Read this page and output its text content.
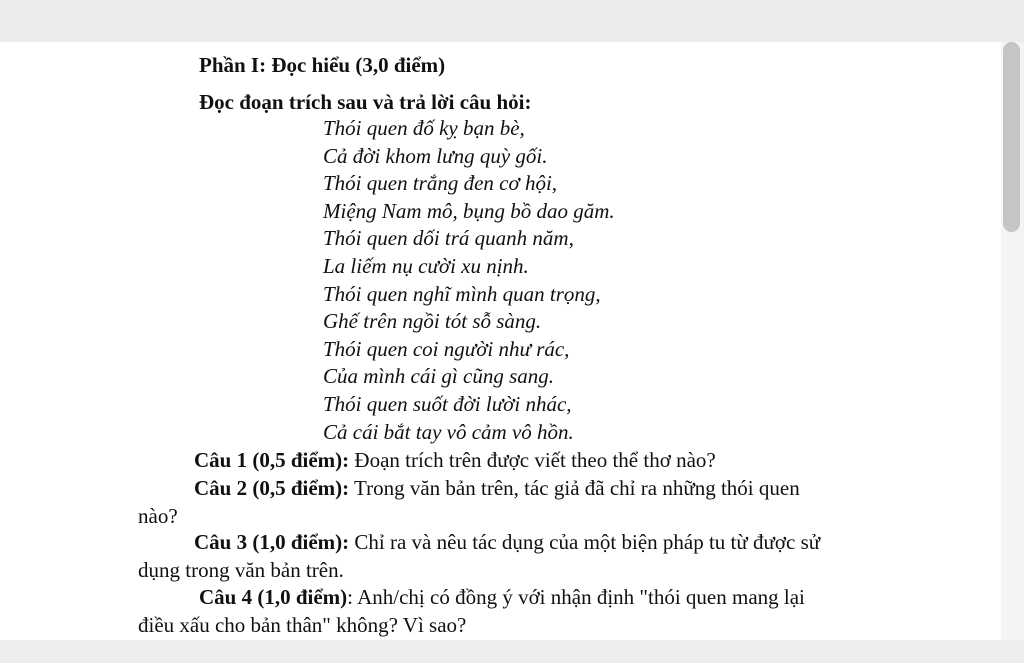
Phần I: Đọc hiểu (3,0 điểm)
Đọc đoạn trích sau và trả lời câu hỏi:
Thói quen đố kỵ bạn bè,
Cả đời khom lưng quỳ gối.
Thói quen trắng đen cơ hội,
Miệng Nam mô, bụng bồ dao găm.
Thói quen dối trá quanh năm,
La liếm nụ cười xu nịnh.
Thói quen nghĩ mình quan trọng,
Ghế trên ngồi tót sỗ sàng.
Thói quen coi người như rác,
Của mình cái gì cũng sang.
Thói quen suốt đời lười nhác,
Cả cái bắt tay vô cảm vô hồn.
Câu 1 (0,5 điểm): Đoạn trích trên được viết theo thể thơ nào?
Câu 2 (0,5 điểm): Trong văn bản trên, tác giả đã chỉ ra những thói quen
nào?
Câu 3 (1,0 điểm): Chỉ ra và nêu tác dụng của một biện pháp tu từ được sử
dụng trong văn bản trên.
Câu 4 (1,0 điểm): Anh/chị có đồng ý với nhận định "thói quen mang lại
điều xấu cho bản thân" không? Vì sao?
